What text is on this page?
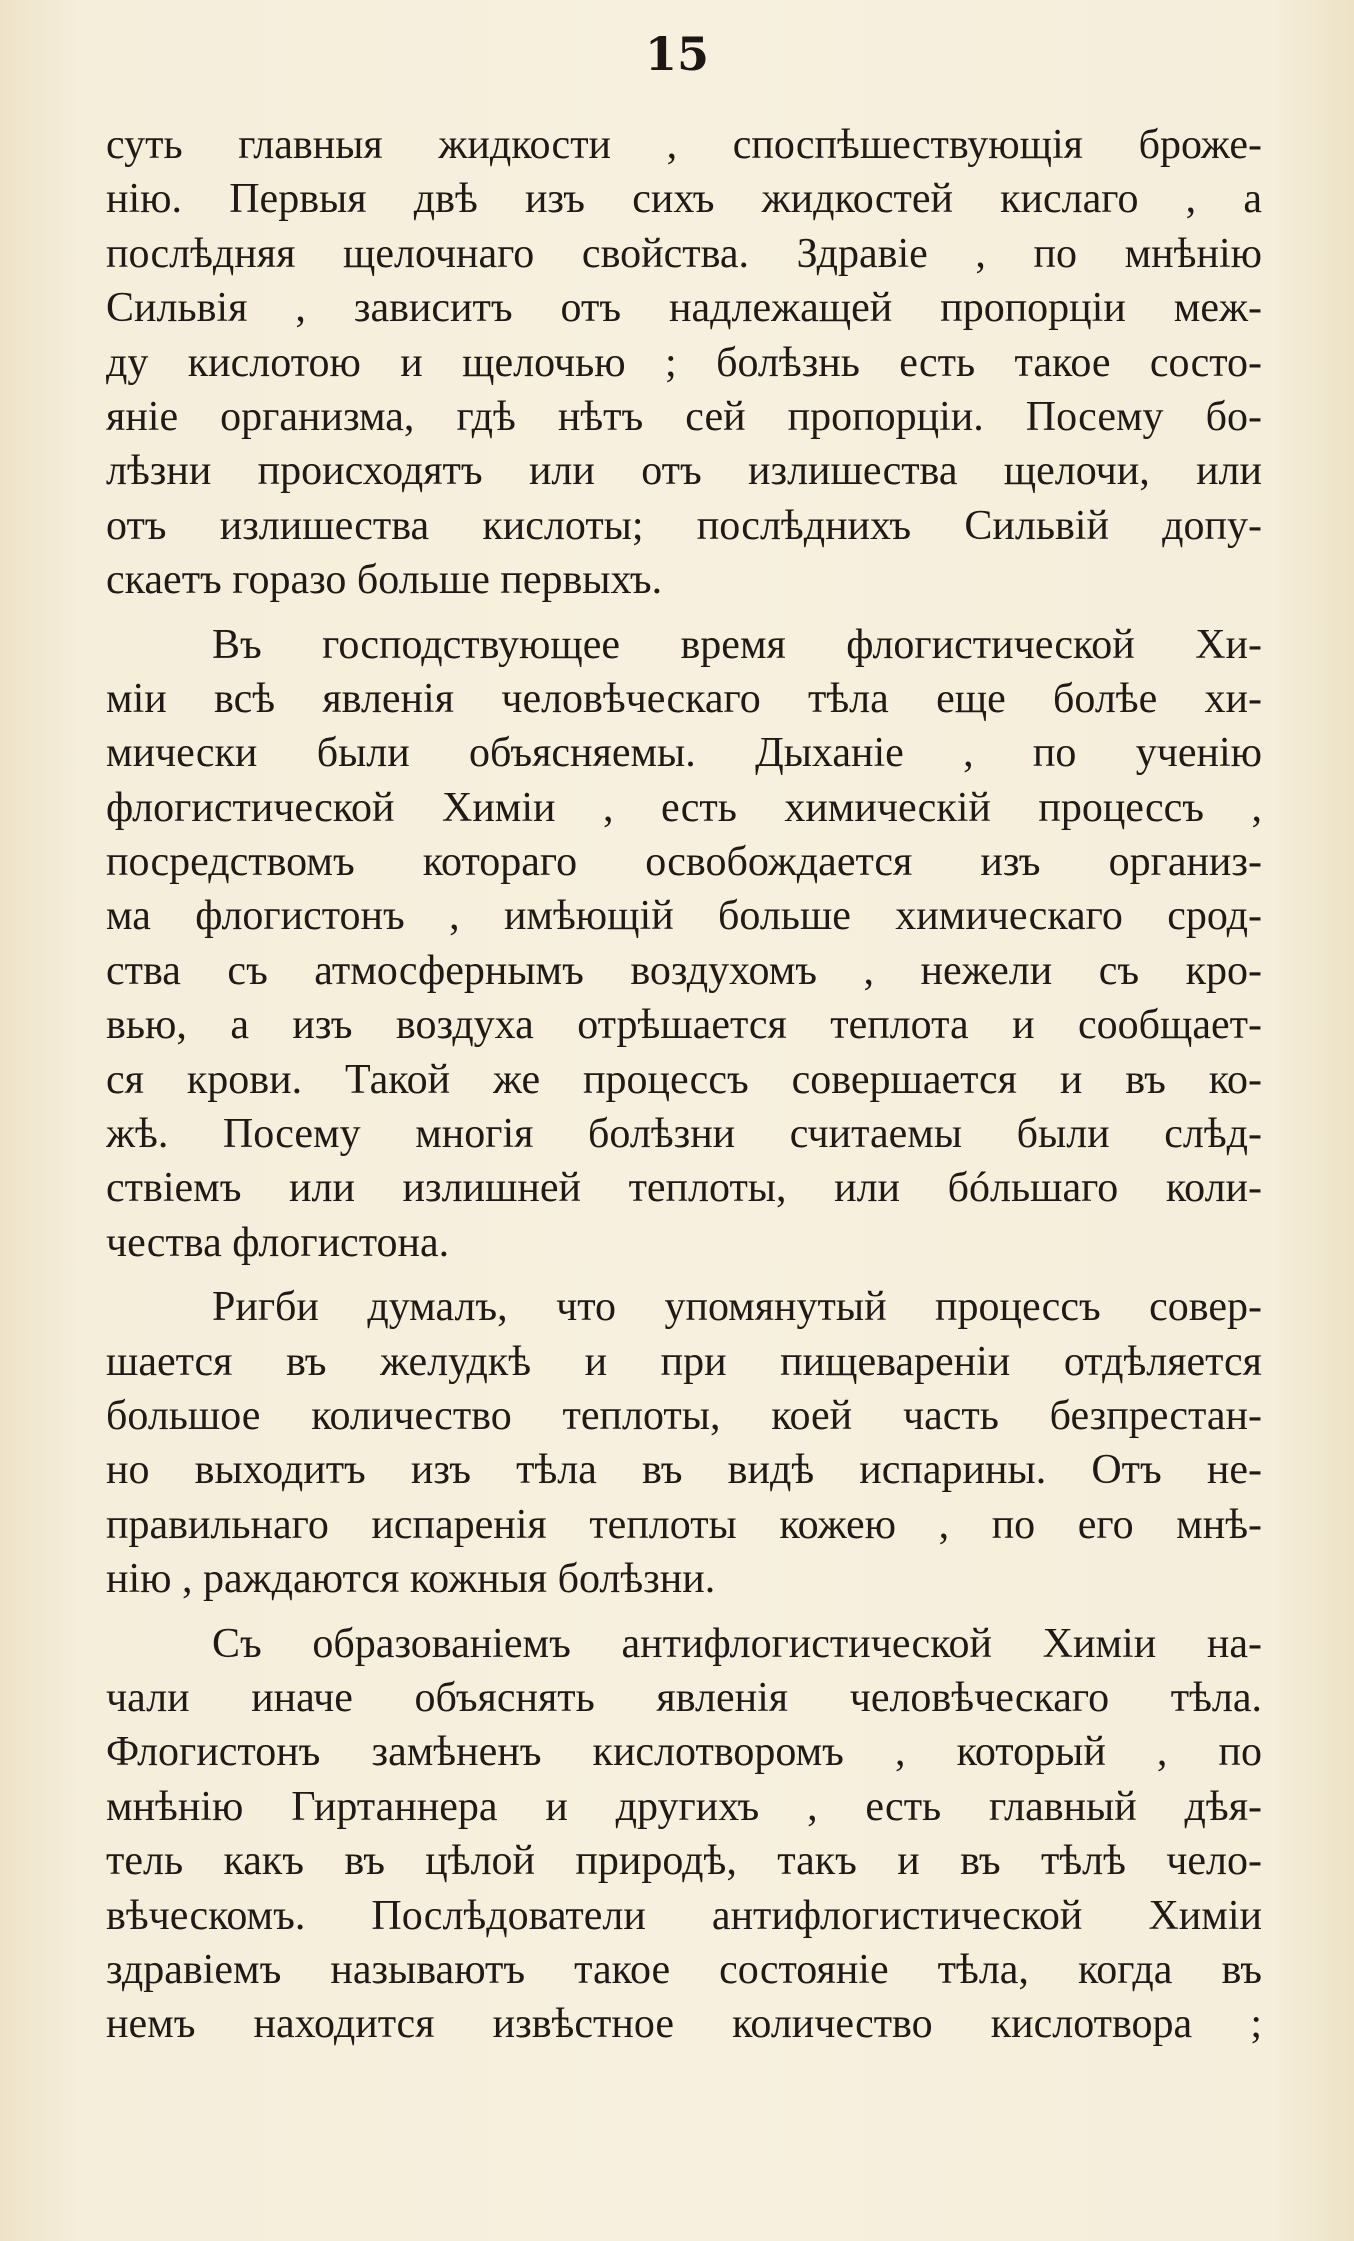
15
суть главныя жидкости , споспѣшествующія броже-
нію. Первыя двѣ изъ сихъ жидкостей кислаго , а
послѣдняя щелочнаго свойства. Здравіе , по мнѣнію
Сильвія , зависитъ отъ надлежащей пропорціи меж-
ду кислотою и щелочью ; болѣзнь есть такое состо-
яніе организма, гдѣ нѣтъ сей пропорціи. Посему бо-
лѣзни происходятъ или отъ излишества щелочи, или
отъ излишества кислоты; послѣднихъ Сильвій допу-
скаетъ горазо больше первыхъ.
Въ господствующее время флогистической Хи-
міи всѣ явленія человѣческаго тѣла еще болѣе хи-
мически были объясняемы. Дыханіе , по ученію
флогистической Химіи , есть химическій процессъ ,
посредствомъ котораго освобождается изъ организ-
ма флогистонъ , имѣющій больше химическаго срод-
ства съ атмосфернымъ воздухомъ , нежели съ кро-
вью, а изъ воздуха отрѣшается теплота и сообщает-
ся крови. Такой же процессъ совершается и въ ко-
жѣ. Посему многія болѣзни считаемы были слѣд-
ствіемъ или излишней теплоты, или бóльшаго коли-
чества флогистона.
Ригби думалъ, что упомянутый процессъ совер-
шается въ желудкѣ и при пищевареніи отдѣляется
большое количество теплоты, коей часть безпрестан-
но выходитъ изъ тѣла въ видѣ испарины. Отъ не-
правильнаго испаренія теплоты кожею , по его мнѣ-
нію , раждаются кожныя болѣзни.
Съ образованіемъ антифлогистической Химіи на-
чали иначе объяснять явленія человѣческаго тѣла.
Флогистонъ замѣненъ кислотворомъ , который , по
мнѣнію Гиртаннера и другихъ , есть главный дѣя-
тель какъ въ цѣлой природѣ, такъ и въ тѣлѣ чело-
вѣческомъ. Послѣдователи антифлогистической Химіи
здравіемъ называютъ такое состояніе тѣла, когда въ
немъ находится извѣстное количество кислотвора ;
